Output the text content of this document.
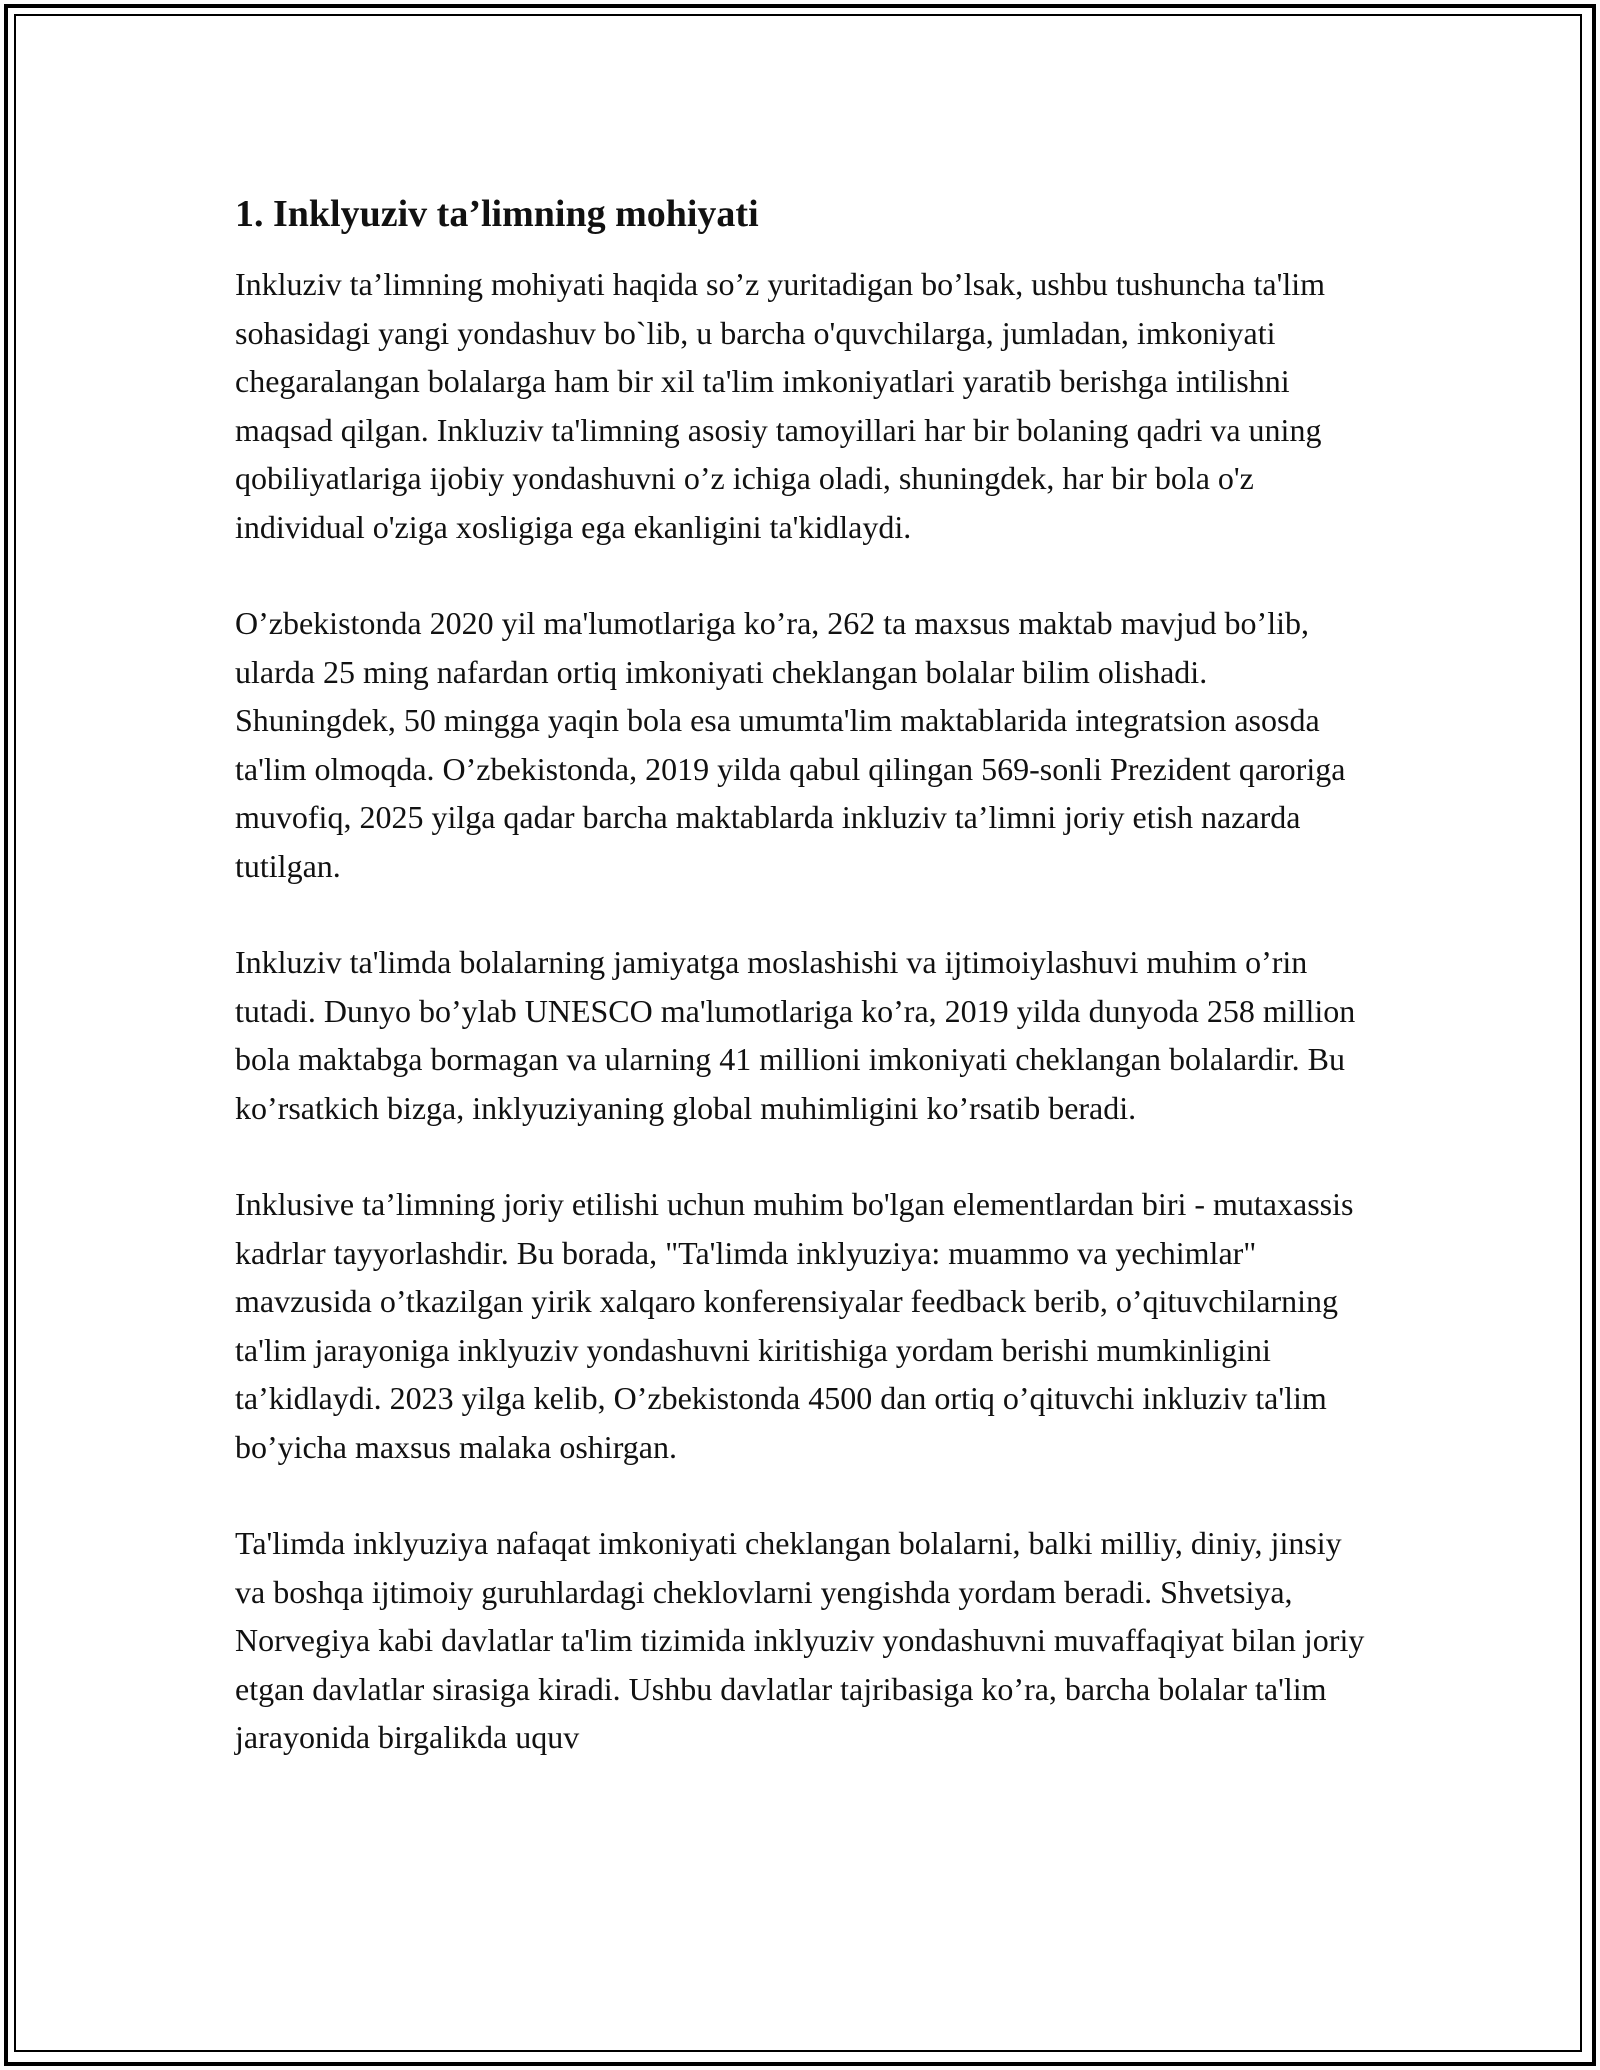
1. Inklyuziv ta’limning mohiyati

Inkluziv ta’limning mohiyati haqida so’z yuritadigan bo’lsak, ushbu tushuncha ta'lim sohasidagi yangi yondashuv bo`lib, u barcha o'quvchilarga, jumladan, imkoniyati chegaralangan bolalarga ham bir xil ta'lim imkoniyatlari yaratib berishga intilishni maqsad qilgan. Inkluziv ta'limning asosiy tamoyillari har bir bolaning qadri va uning qobiliyatlariga ijobiy yondashuvni o’z ichiga oladi, shuningdek, har bir bola o'z individual o'ziga xosligiga ega ekanligini ta'kidlaydi.

O’zbekistonda 2020 yil ma'lumotlariga ko’ra, 262 ta maxsus maktab mavjud bo’lib, ularda 25 ming nafardan ortiq imkoniyati cheklangan bolalar bilim olishadi. Shuningdek, 50 mingga yaqin bola esa umumta'lim maktablarida integratsion asosda ta'lim olmoqda. O’zbekistonda, 2019 yilda qabul qilingan 569-sonli Prezident qaroriga muvofiq, 2025 yilga qadar barcha maktablarda inkluziv ta’limni joriy etish nazarda tutilgan.

Inkluziv ta'limda bolalarning jamiyatga moslashishi va ijtimoiylashuvi muhim o’rin tutadi. Dunyo bo’ylab UNESCO ma'lumotlariga ko’ra, 2019 yilda dunyoda 258 million bola maktabga bormagan va ularning 41 millioni imkoniyati cheklangan bolalardir. Bu ko’rsatkich bizga, inklyuziyaning global muhimligini ko’rsatib beradi.

Inklusive ta’limning joriy etilishi uchun muhim bo'lgan elementlardan biri - mutaxassis kadrlar tayyorlashdir. Bu borada, "Ta'limda inklyuziya: muammo va yechimlar" mavzusida o’tkazilgan yirik xalqaro konferensiyalar feedback berib, o’qituvchilarning ta'lim jarayoniga inklyuziv yondashuvni kiritishiga yordam berishi mumkinligini ta’kidlaydi. 2023 yilga kelib, O’zbekistonda 4500 dan ortiq o’qituvchi inkluziv ta'lim bo’yicha maxsus malaka oshirgan.

Ta'limda inklyuziya nafaqat imkoniyati cheklangan bolalarni, balki milliy, diniy, jinsiy va boshqa ijtimoiy guruhlardagi cheklovlarni yengishda yordam beradi. Shvetsiya, Norvegiya kabi davlatlar ta'lim tizimida inklyuziv yondashuvni muvaffaqiyat bilan joriy etgan davlatlar sirasiga kiradi. Ushbu davlatlar tajribasiga ko’ra, barcha bolalar ta'lim jarayonida birgalikda uquv
